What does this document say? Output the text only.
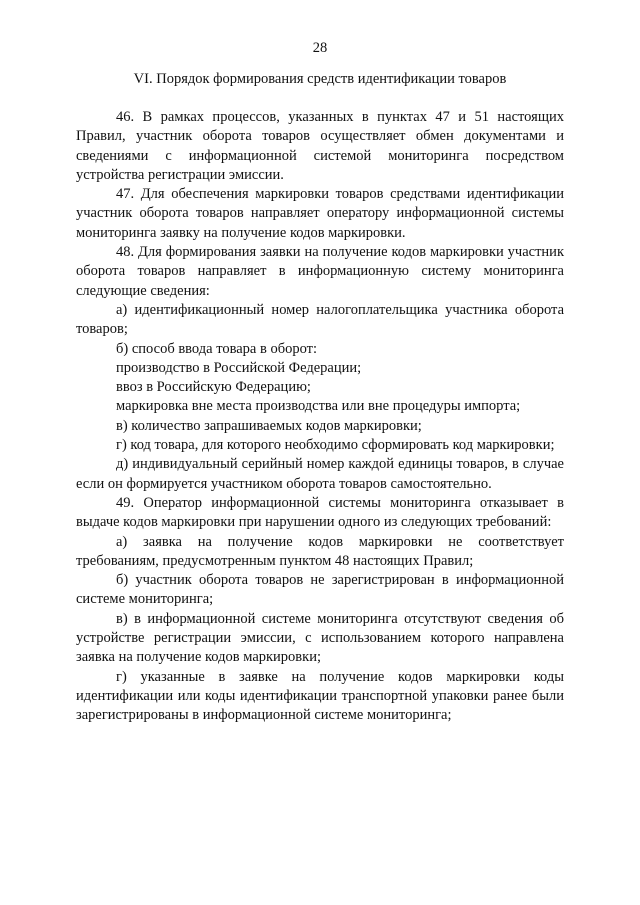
28
VI. Порядок формирования средств идентификации товаров

46. В рамках процессов, указанных в пунктах 47 и 51 настоящих Правил, участник оборота товаров осуществляет обмен документами и сведениями с информационной системой мониторинга посредством устройства регистрации эмиссии.

47. Для обеспечения маркировки товаров средствами идентификации участник оборота товаров направляет оператору информационной системы мониторинга заявку на получение кодов маркировки.

48. Для формирования заявки на получение кодов маркировки участник оборота товаров направляет в информационную систему мониторинга следующие сведения:

а) идентификационный номер налогоплательщика участника оборота товаров;

б) способ ввода товара в оборот:

производство в Российской Федерации;

ввоз в Российскую Федерацию;

маркировка вне места производства или вне процедуры импорта;

в) количество запрашиваемых кодов маркировки;

г) код товара, для которого необходимо сформировать код маркировки;

д) индивидуальный серийный номер каждой единицы товаров, в случае если он формируется участником оборота товаров самостоятельно.

49. Оператор информационной системы мониторинга отказывает в выдаче кодов маркировки при нарушении одного из следующих требований:

а) заявка на получение кодов маркировки не соответствует требованиям, предусмотренным пунктом 48 настоящих Правил;

б) участник оборота товаров не зарегистрирован в информационной системе мониторинга;

в) в информационной системе мониторинга отсутствуют сведения об устройстве регистрации эмиссии, с использованием которого направлена заявка на получение кодов маркировки;

г) указанные в заявке на получение кодов маркировки коды идентификации или коды идентификации транспортной упаковки ранее были зарегистрированы в информационной системе мониторинга;
